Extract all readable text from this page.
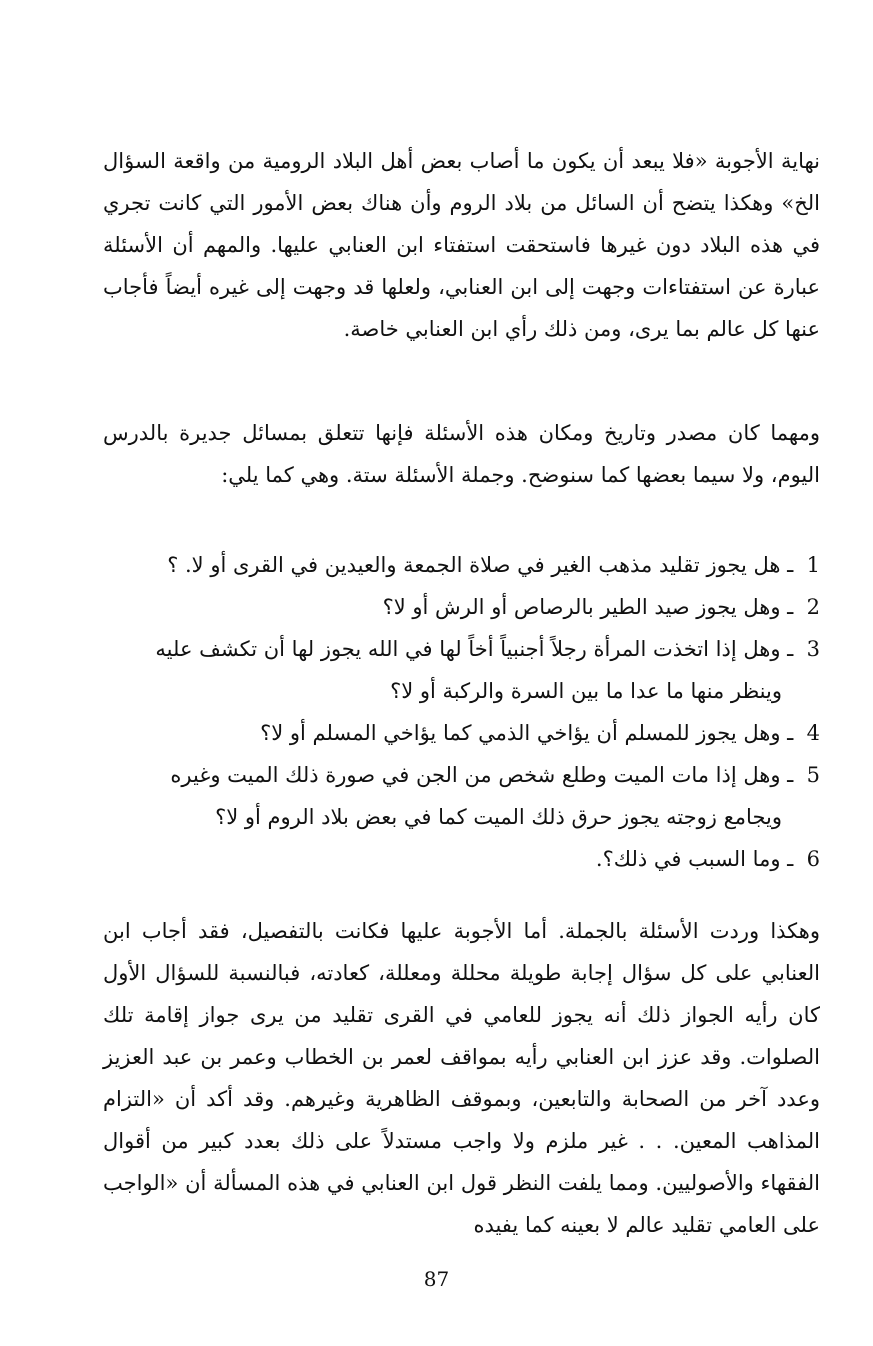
نهاية الأجوبة «فلا يبعد أن يكون ما أصاب بعض أهل البلاد الرومية من واقعة السؤال الخ» وهكذا يتضح أن السائل من بلاد الروم وأن هناك بعض الأمور التي كانت تجري في هذه البلاد دون غيرها فاستحقت استفتاء ابن العنابي عليها. والمهم أن الأسئلة عبارة عن استفتاءات وجهت إلى ابن العنابي، ولعلها قد وجهت إلى غيره أيضاً فأجاب عنها كل عالم بما يرى، ومن ذلك رأي ابن العنابي خاصة.

ومهما كان مصدر وتاريخ ومكان هذه الأسئلة فإنها تتعلق بمسائل جديرة بالدرس اليوم، ولا سيما بعضها كما سنوضح. وجملة الأسئلة ستة. وهي كما يلي:

1 ـ هل يجوز تقليد مذهب الغير في صلاة الجمعة والعيدين في القرى أو لا. ؟
2 ـ وهل يجوز صيد الطير بالرصاص أو الرش أو لا؟
3 ـ وهل إذا اتخذت المرأة رجلاً أجنبياً أخاً لها في الله يجوز لها أن تكشف عليه
وينظر منها ما عدا ما بين السرة والركبة أو لا؟
4 ـ وهل يجوز للمسلم أن يؤاخي الذمي كما يؤاخي المسلم أو لا؟
5 ـ وهل إذا مات الميت وطلع شخص من الجن في صورة ذلك الميت وغيره
ويجامع زوجته يجوز حرق ذلك الميت كما في بعض بلاد الروم أو لا؟
6 ـ وما السبب في ذلك؟.

وهكذا وردت الأسئلة بالجملة. أما الأجوبة عليها فكانت بالتفصيل، فقد أجاب ابن العنابي على كل سؤال إجابة طويلة محللة ومعللة، كعادته، فبالنسبة للسؤال الأول كان رأيه الجواز ذلك أنه يجوز للعامي في القرى تقليد من يرى جواز إقامة تلك الصلوات. وقد عزز ابن العنابي رأيه بمواقف لعمر بن الخطاب وعمر بن عبد العزيز وعدد آخر من الصحابة والتابعين، وبموقف الظاهرية وغيرهم. وقد أكد أن «التزام المذاهب المعين. . . غير ملزم ولا واجب مستدلاً على ذلك بعدد كبير من أقوال الفقهاء والأصوليين. ومما يلفت النظر قول ابن العنابي في هذه المسألة أن «الواجب على العامي تقليد عالم لا بعينه كما يفيده

87
